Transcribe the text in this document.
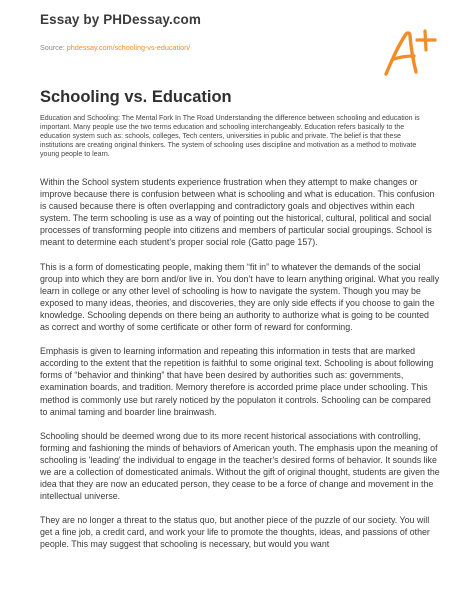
Essay by PHDessay.com
Source: phdessay.com/schooling-vs-education/
Schooling vs. Education

Education and Schooling: The Mental Fork In The Road Understanding the difference between schooling and education is important. Many people use the two terms education and schooling interchangeably. Education refers basically to the education system such as: schools, colleges, Tech centers, universities in public and private. The belief is that these institutions are creating original thinkers. The system of schooling uses discipline and motivation as a method to motivate young people to learn.

Within the School system students experience frustration when they attempt to make changes or improve because there is confusion between what is schooling and what is education. This confusion is caused because there is often overlapping and contradictory goals and objectives within each system. The term schooling is use as a way of pointing out the historical, cultural, political and social processes of transforming people into citizens and members of particular social groupings. School is meant to determine each student’s proper social role (Gatto page 157).

This is a form of domesticating people, making them “fit in” to whatever the demands of the social group into which they are born and/or live in. You don’t have to learn anything original. What you really learn in college or any other level of schooling is how to navigate the system. Though you may be exposed to many ideas, theories, and discoveries, they are only side effects if you choose to gain the knowledge. Schooling depends on there being an authority to authorize what is going to be counted as correct and worthy of some certificate or other form of reward for conforming.

Emphasis is given to learning information and repeating this information in tests that are marked according to the extent that the repetition is faithful to some original text. Schooling is about following forms of “behavior and thinking” that have been desired by authorities such as: governments, examination boards, and tradition. Memory therefore is accorded prime place under schooling. This method is commonly use but rarely noticed by the populaton it controls. Schooling can be compared to animal taming and boarder line brainwash.

Schooling should be deemed wrong due to its more recent historical associations with controlling, forming and fashioning the minds of behaviors of American youth. The emphasis upon the meaning of schooling is 'leading' the individual to engage in the teacher's desired forms of behavior. It sounds like we are a collection of domesticated animals. Without the gift of original thought, students are given the idea that they are now an educated person, they cease to be a force of change and movement in the intellectual universe.

They are no longer a threat to the status quo, but another piece of the puzzle of our society. You will get a fine job, a credit card, and work your life to promote the thoughts, ideas, and passions of other people. This may suggest that schooling is necessary, but would you want
